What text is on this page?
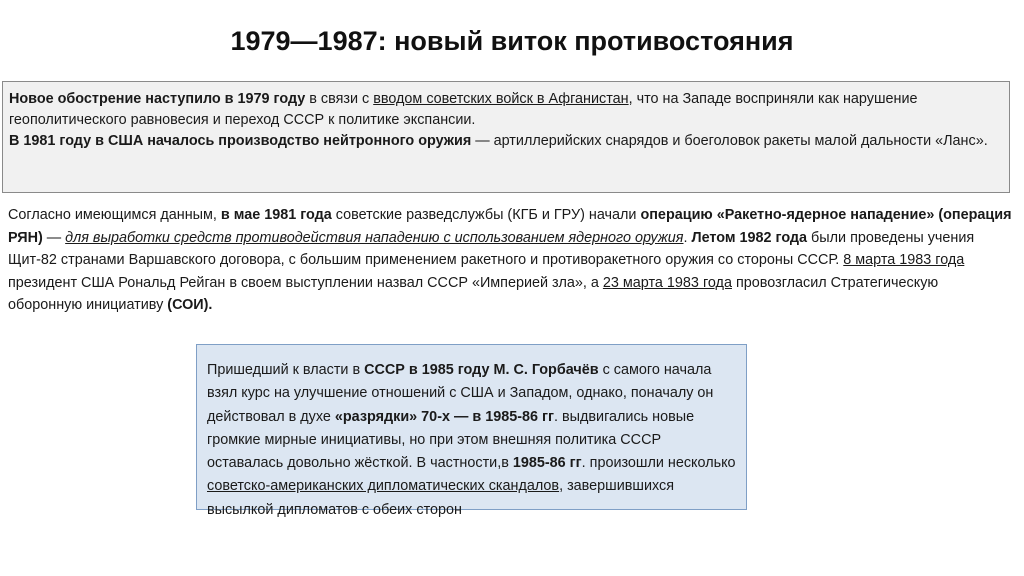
1979—1987: новый виток противостояния
Новое обострение наступило в 1979 году в связи с вводом советских войск в Афганистан, что на Западе восприняли как нарушение геополитического равновесия и переход СССР к политике экспансии.
В 1981 году в США началось производство нейтронного оружия — артиллерийских снарядов и боеголовок ракеты малой дальности «Ланс».
Согласно имеющимся данным, в мае 1981 года советские разведслужбы (КГБ и ГРУ) начали операцию «Ракетно-ядерное нападение» (операция РЯН) — для выработки средств противодействия нападению с использованием ядерного оружия. Летом 1982 года были проведены учения Щит-82 странами Варшавского договора, с большим применением ракетного и противоракетного оружия со стороны СССР. 8 марта 1983 года президент США Рональд Рейган в своем выступлении назвал СССР «Империей зла», а 23 марта 1983 года провозгласил Стратегическую оборонную инициативу (СОИ).
Пришедший к власти в СССР в 1985 году М. С. Горбачёв с самого начала взял курс на улучшение отношений с США и Западом, однако, поначалу он действовал в духе «разрядки» 70-х — в 1985-86 гг. выдвигались новые громкие мирные инициативы, но при этом внешняя политика СССР оставалась довольно жёсткой. В частности,в 1985-86 гг. произошли несколько советско-американских дипломатических скандалов, завершившихся высылкой дипломатов с обеих сторон
